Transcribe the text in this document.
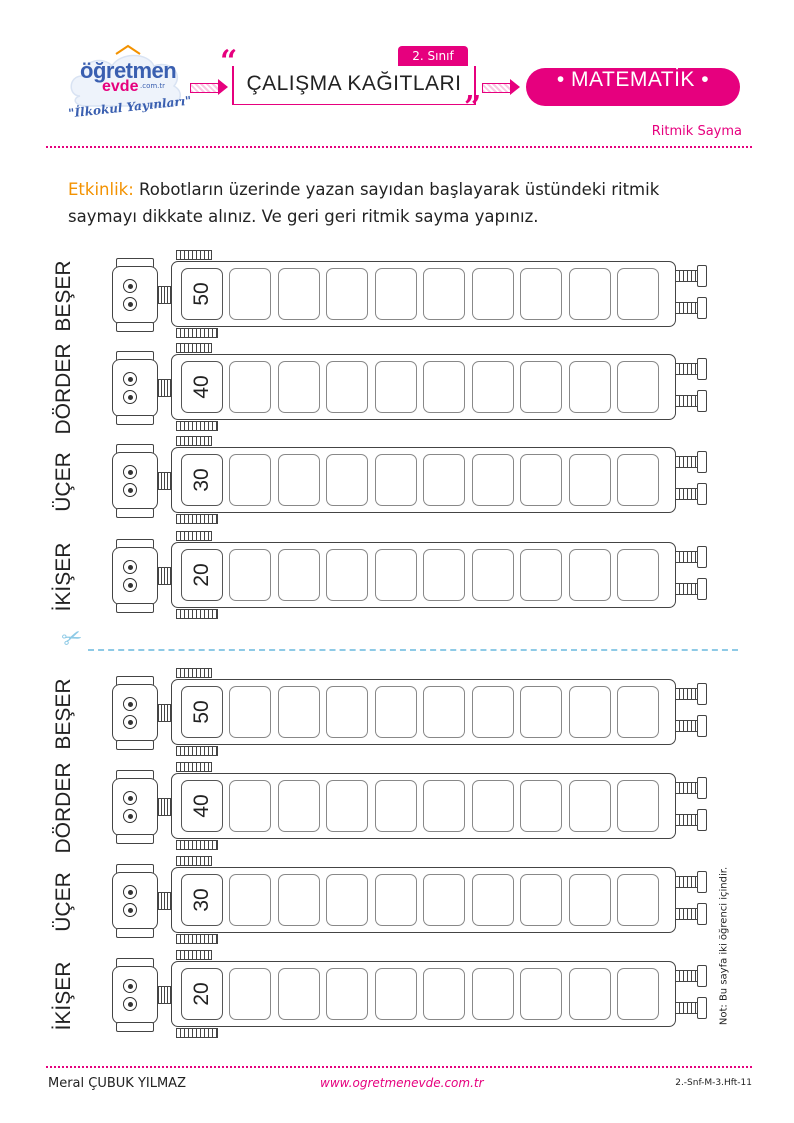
öğretmen
evde .com.tr
"İlkokul Yayınları"
2. Sınıf
“
ÇALIŞMA KAĞITLARI
”
• MATEMATİK •
Ritmik Sayma
Etkinlik: Robotların üzerinde yazan sayıdan başlayarak üstündeki ritmik saymayı dikkate alınız. Ve geri geri ritmik sayma yapınız.
BEŞER	50
DÖRDER	40
ÜÇER	30
İKİŞER	20
✂
BEŞER	50
DÖRDER	40
ÜÇER	30
İKİŞER	20	Not: Bu sayfa iki öğrenci içindir.
Meral ÇUBUK YILMAZ	www.ogretmenevde.com.tr	2.-Snf-M-3.Hft-11
